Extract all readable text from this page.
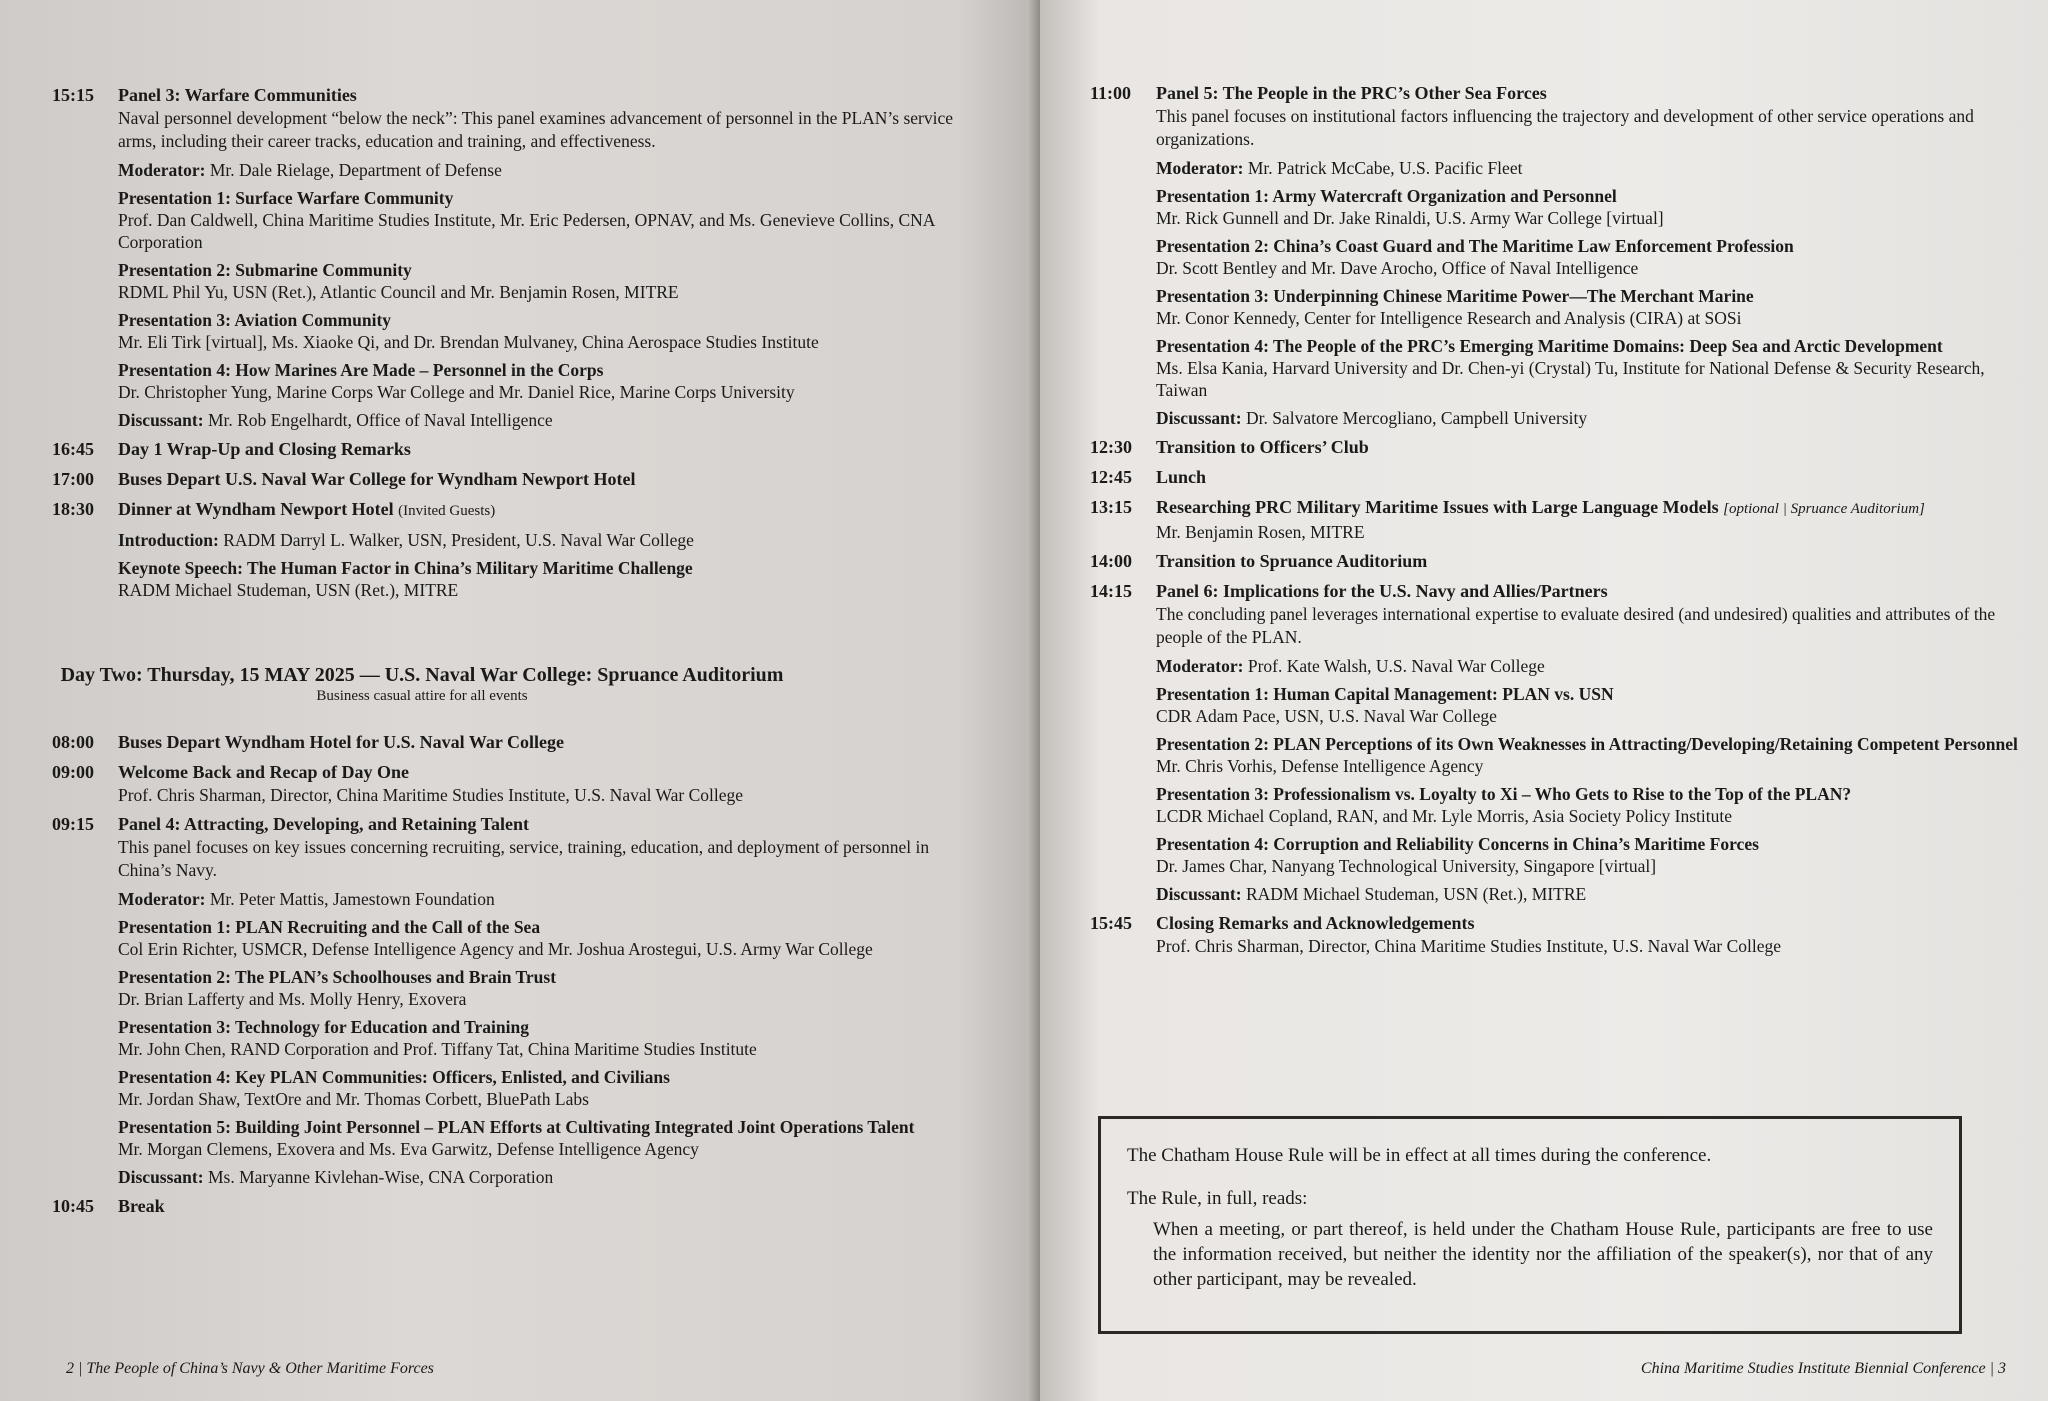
15:15	Panel 3: Warfare Communities
Naval personnel development “below the neck”: This panel examines advancement of personnel in the PLAN’s service arms, including their career tracks, education and training, and effectiveness.
Moderator: Mr. Dale Rielage, Department of Defense
Presentation 1: Surface Warfare Community
Prof. Dan Caldwell, China Maritime Studies Institute, Mr. Eric Pedersen, OPNAV, and Ms. Genevieve Collins, CNA Corporation
Presentation 2: Submarine Community
RDML Phil Yu, USN (Ret.), Atlantic Council and Mr. Benjamin Rosen, MITRE
Presentation 3: Aviation Community
Mr. Eli Tirk [virtual], Ms. Xiaoke Qi, and Dr. Brendan Mulvaney, China Aerospace Studies Institute
Presentation 4: How Marines Are Made – Personnel in the Corps
Dr. Christopher Yung, Marine Corps War College and Mr. Daniel Rice, Marine Corps University
Discussant: Mr. Rob Engelhardt, Office of Naval Intelligence
16:45	Day 1 Wrap-Up and Closing Remarks
17:00	Buses Depart U.S. Naval War College for Wyndham Newport Hotel
18:30	Dinner at Wyndham Newport Hotel (Invited Guests)
Introduction: RADM Darryl L. Walker, USN, President, U.S. Naval War College
Keynote Speech: The Human Factor in China’s Military Maritime Challenge
RADM Michael Studeman, USN (Ret.), MITRE
Day Two: Thursday, 15 MAY 2025 — U.S. Naval War College: Spruance Auditorium
Business casual attire for all events
08:00	Buses Depart Wyndham Hotel for U.S. Naval War College
09:00	Welcome Back and Recap of Day One
Prof. Chris Sharman, Director, China Maritime Studies Institute, U.S. Naval War College
09:15	Panel 4: Attracting, Developing, and Retaining Talent
This panel focuses on key issues concerning recruiting, service, training, education, and deployment of personnel in China’s Navy.
Moderator: Mr. Peter Mattis, Jamestown Foundation
Presentation 1: PLAN Recruiting and the Call of the Sea
Col Erin Richter, USMCR, Defense Intelligence Agency and Mr. Joshua Arostegui, U.S. Army War College
Presentation 2: The PLAN’s Schoolhouses and Brain Trust
Dr. Brian Lafferty and Ms. Molly Henry, Exovera
Presentation 3: Technology for Education and Training
Mr. John Chen, RAND Corporation and Prof. Tiffany Tat, China Maritime Studies Institute
Presentation 4: Key PLAN Communities: Officers, Enlisted, and Civilians
Mr. Jordan Shaw, TextOre and Mr. Thomas Corbett, BluePath Labs
Presentation 5: Building Joint Personnel – PLAN Efforts at Cultivating Integrated Joint Operations Talent
Mr. Morgan Clemens, Exovera and Ms. Eva Garwitz, Defense Intelligence Agency
Discussant: Ms. Maryanne Kivlehan-Wise, CNA Corporation
10:45	Break
2 | The People of China’s Navy & Other Maritime Forces
11:00	Panel 5: The People in the PRC’s Other Sea Forces
This panel focuses on institutional factors influencing the trajectory and development of other service operations and organizations.
Moderator: Mr. Patrick McCabe, U.S. Pacific Fleet
Presentation 1: Army Watercraft Organization and Personnel
Mr. Rick Gunnell and Dr. Jake Rinaldi, U.S. Army War College [virtual]
Presentation 2: China’s Coast Guard and The Maritime Law Enforcement Profession
Dr. Scott Bentley and Mr. Dave Arocho, Office of Naval Intelligence
Presentation 3: Underpinning Chinese Maritime Power—The Merchant Marine
Mr. Conor Kennedy, Center for Intelligence Research and Analysis (CIRA) at SOSi
Presentation 4: The People of the PRC’s Emerging Maritime Domains: Deep Sea and Arctic Development
Ms. Elsa Kania, Harvard University and Dr. Chen-yi (Crystal) Tu, Institute for National Defense & Security Research, Taiwan
Discussant: Dr. Salvatore Mercogliano, Campbell University
12:30	Transition to Officers’ Club
12:45	Lunch
13:15	Researching PRC Military Maritime Issues with Large Language Models [optional | Spruance Auditorium]
Mr. Benjamin Rosen, MITRE
14:00	Transition to Spruance Auditorium
14:15	Panel 6: Implications for the U.S. Navy and Allies/Partners
The concluding panel leverages international expertise to evaluate desired (and undesired) qualities and attributes of the people of the PLAN.
Moderator: Prof. Kate Walsh, U.S. Naval War College
Presentation 1: Human Capital Management: PLAN vs. USN
CDR Adam Pace, USN, U.S. Naval War College
Presentation 2: PLAN Perceptions of its Own Weaknesses in Attracting/Developing/Retaining Competent Personnel
Mr. Chris Vorhis, Defense Intelligence Agency
Presentation 3: Professionalism vs. Loyalty to Xi – Who Gets to Rise to the Top of the PLAN?
LCDR Michael Copland, RAN, and Mr. Lyle Morris, Asia Society Policy Institute
Presentation 4: Corruption and Reliability Concerns in China’s Maritime Forces
Dr. James Char, Nanyang Technological University, Singapore [virtual]
Discussant: RADM Michael Studeman, USN (Ret.), MITRE
15:45	Closing Remarks and Acknowledgements
Prof. Chris Sharman, Director, China Maritime Studies Institute, U.S. Naval War College

The Chatham House Rule will be in effect at all times during the conference.

The Rule, in full, reads:

When a meeting, or part thereof, is held under the Chatham House Rule, participants are free to use the information received, but neither the identity nor the affiliation of the speaker(s), nor that of any other participant, may be revealed.

China Maritime Studies Institute Biennial Conference | 3
